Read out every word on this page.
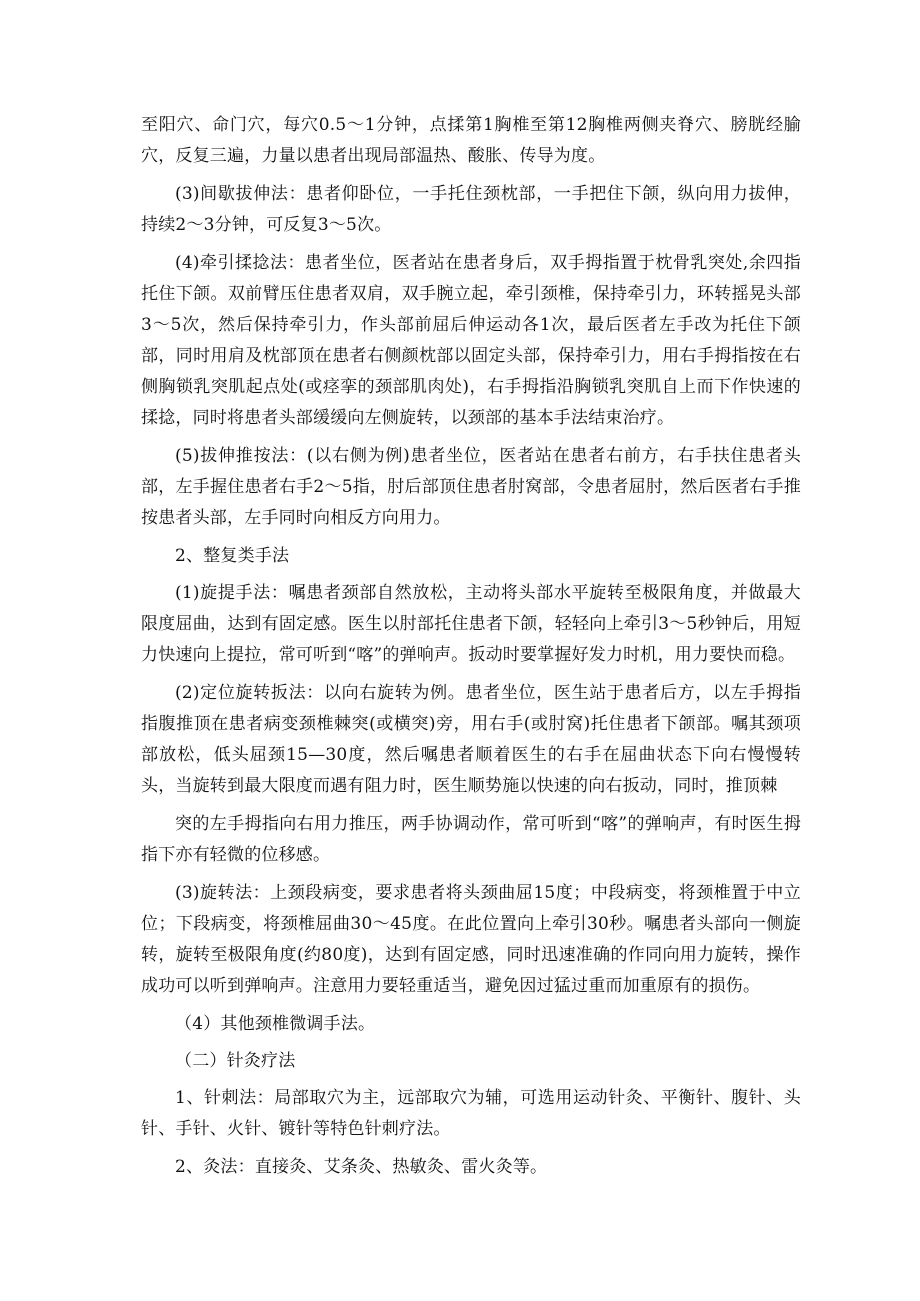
至阳穴、命门穴，每穴0.5～1分钟，点揉第1胸椎至第12胸椎两侧夹脊穴、膀胱经腧穴，反复三遍，力量以患者出现局部温热、酸胀、传导为度。

(3)间歇拔伸法：患者仰卧位，一手托住颈枕部，一手把住下颌，纵向用力拔伸，持续2～3分钟，可反复3～5次。

(4)牵引揉捻法：患者坐位，医者站在患者身后，双手拇指置于枕骨乳突处,余四指托住下颌。双前臂压住患者双肩，双手腕立起，牵引颈椎，保持牵引力，环转摇晃头部3～5次，然后保持牵引力，作头部前屈后伸运动各1次，最后医者左手改为托住下颌部，同时用肩及枕部顶在患者右侧颜枕部以固定头部，保持牵引力，用右手拇指按在右侧胸锁乳突肌起点处(或痉挛的颈部肌肉处)，右手拇指沿胸锁乳突肌自上而下作快速的揉捻，同时将患者头部缓缓向左侧旋转，以颈部的基本手法结束治疗。

(5)拔伸推按法：(以右侧为例)患者坐位，医者站在患者右前方，右手扶住患者头部，左手握住患者右手2～5指，肘后部顶住患者肘窝部，令患者屈肘，然后医者右手推按患者头部，左手同时向相反方向用力。

2、整复类手法

(1)旋提手法：嘱患者颈部自然放松，主动将头部水平旋转至极限角度，并做最大限度屈曲，达到有固定感。医生以肘部托住患者下颌，轻轻向上牵引3～5秒钟后，用短力快速向上提拉，常可听到“喀”的弹响声。扳动时要掌握好发力时机，用力要快而稳。

(2)定位旋转扳法：以向右旋转为例。患者坐位，医生站于患者后方，以左手拇指指腹推顶在患者病变颈椎棘突(或横突)旁，用右手(或肘窝)托住患者下颌部。嘱其颈项部放松，低头屈颈15—30度，然后嘱患者顺着医生的右手在屈曲状态下向右慢慢转头，当旋转到最大限度而遇有阻力时，医生顺势施以快速的向右扳动，同时，推顶棘

突的左手拇指向右用力推压，两手协调动作，常可听到“喀”的弹响声，有时医生拇指下亦有轻微的位移感。

(3)旋转法：上颈段病变，要求患者将头颈曲屈15度；中段病变，将颈椎置于中立位；下段病变，将颈椎屈曲30～45度。在此位置向上牵引30秒。嘱患者头部向一侧旋转，旋转至极限角度(约80度)，达到有固定感，同时迅速准确的作同向用力旋转，操作成功可以听到弹响声。注意用力要轻重适当，避免因过猛过重而加重原有的损伤。

（4）其他颈椎微调手法。

（二）针灸疗法

1、针刺法：局部取穴为主，远部取穴为辅，可选用运动针灸、平衡针、腹针、头针、手针、火针、镀针等特色针刺疗法。

2、灸法：直接灸、艾条灸、热敏灸、雷火灸等。
